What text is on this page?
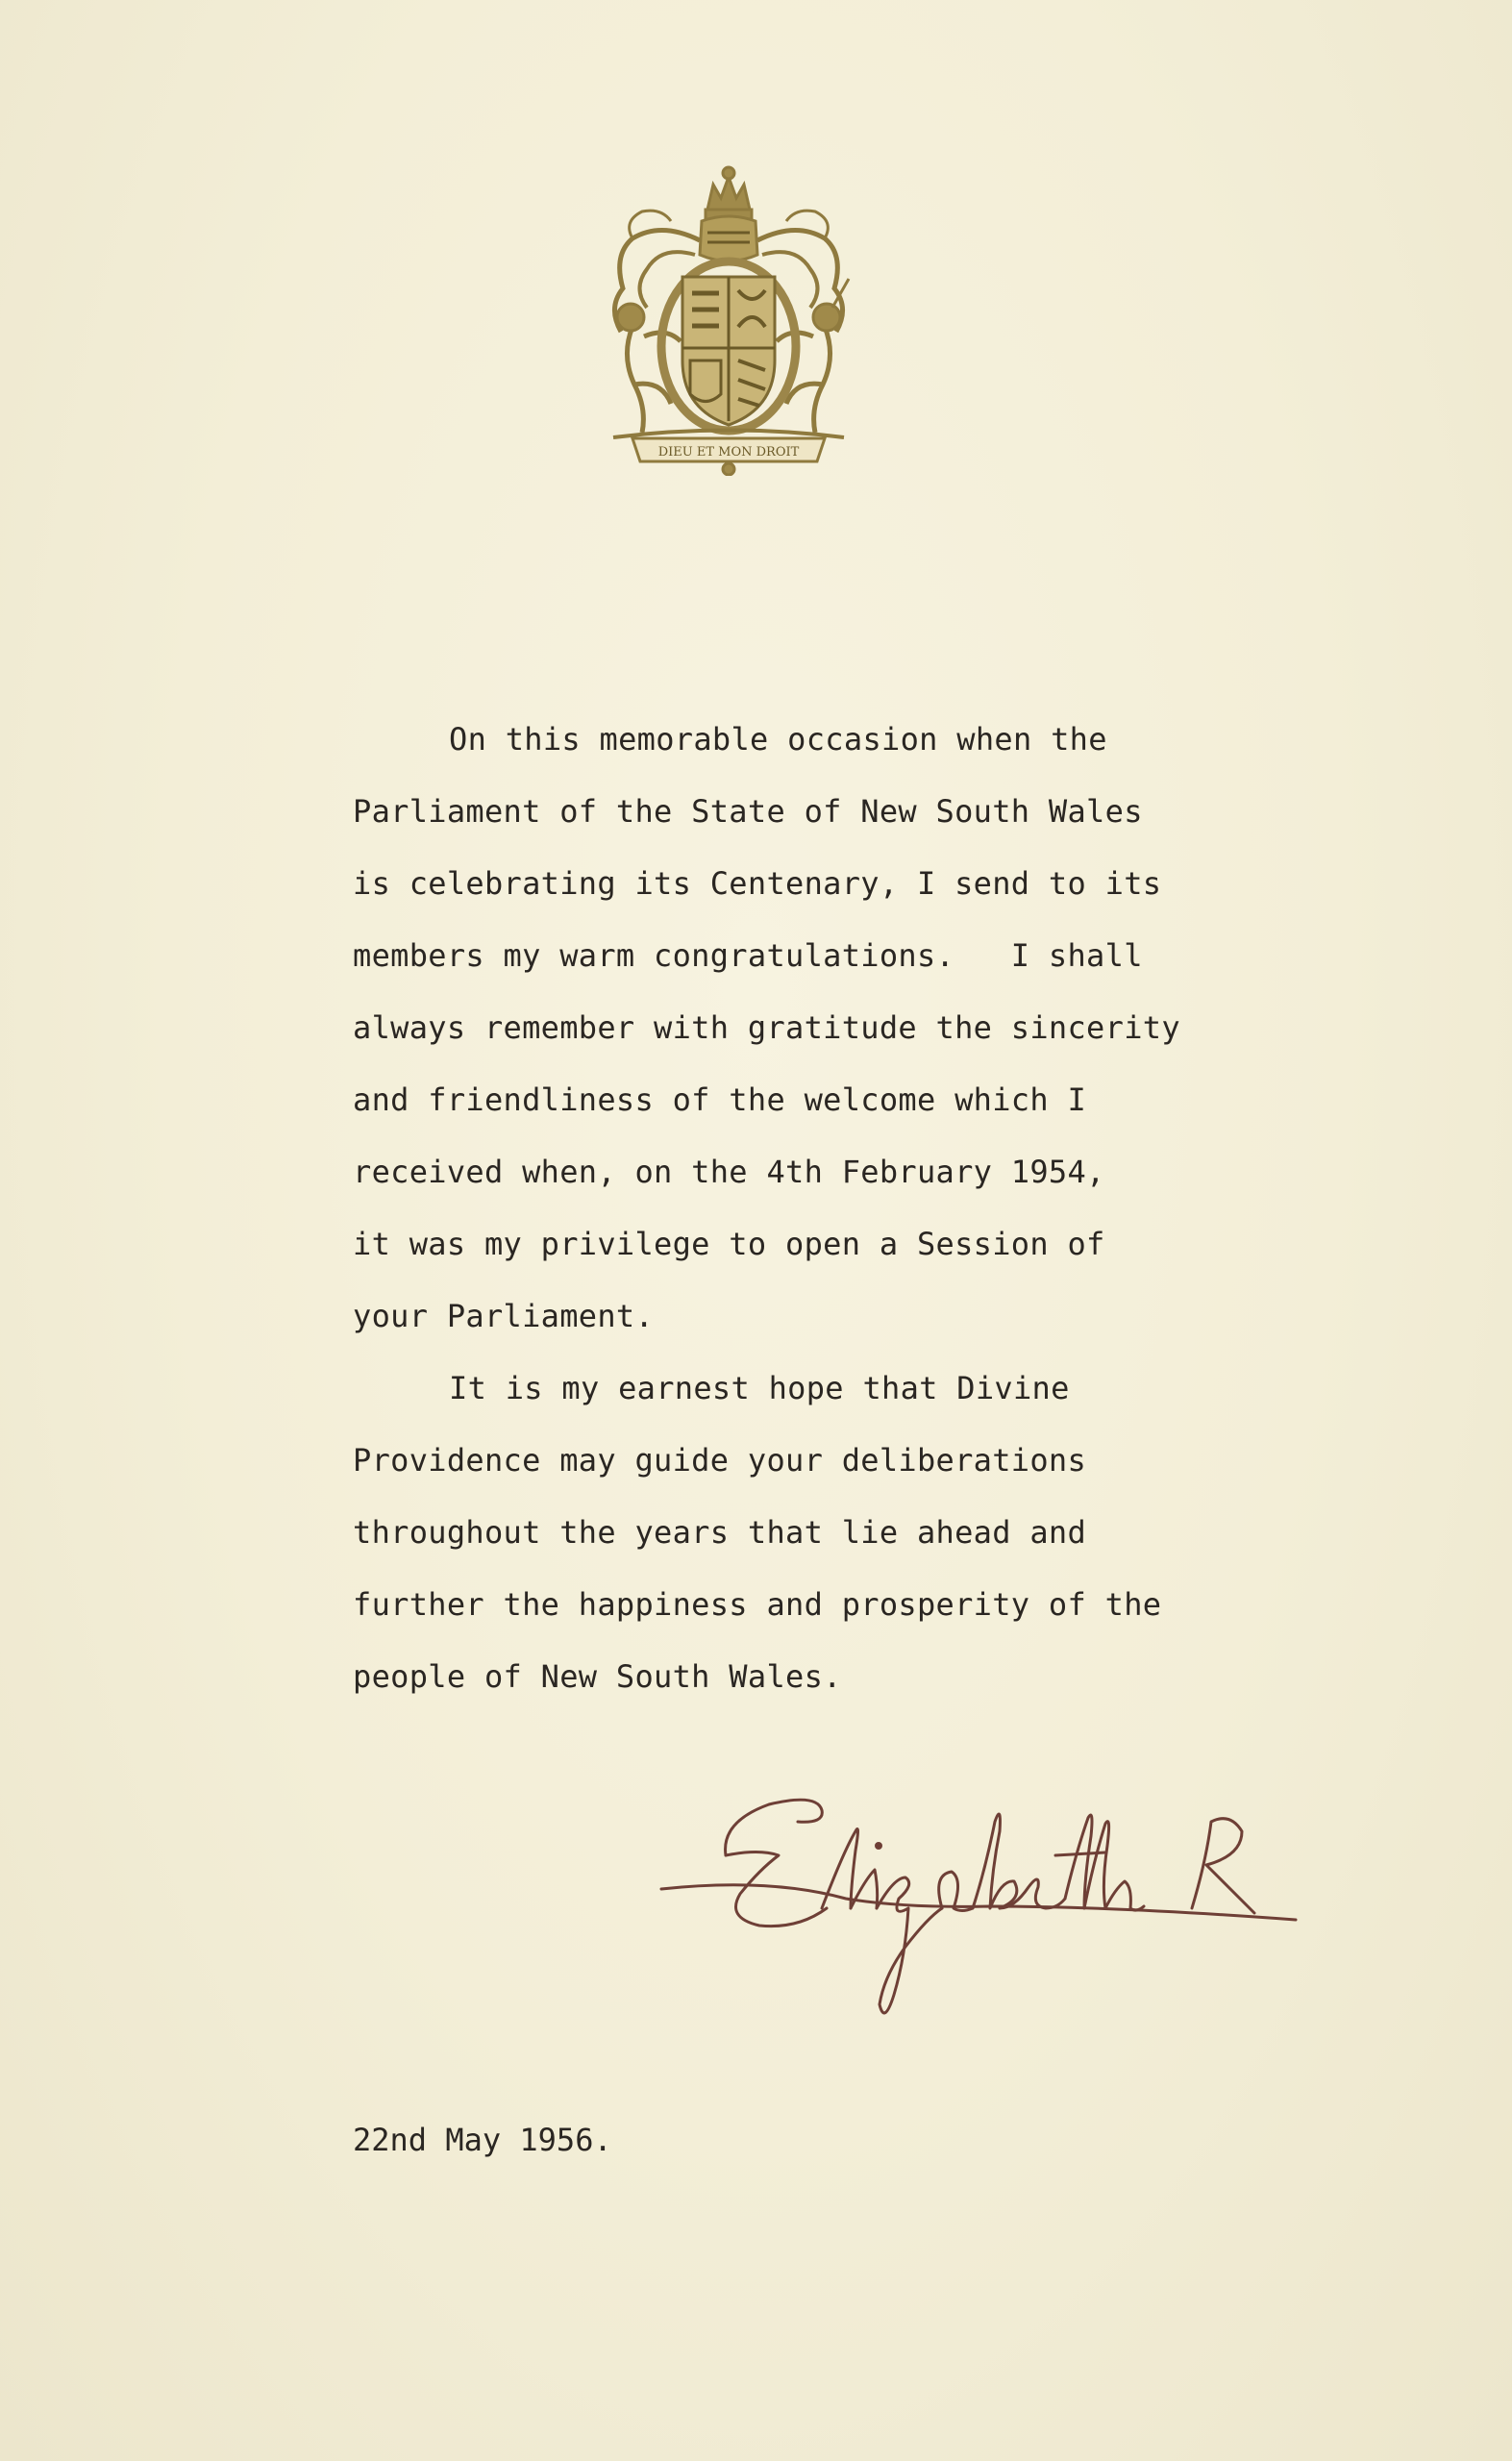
DIEU ET MON DROIT
On this memorable occasion when the
Parliament of the State of New South Wales
is celebrating its Centenary, I send to its
members my warm congratulations.   I shall
always remember with gratitude the sincerity
and friendliness of the welcome which I
received when, on the 4th February 1954,
it was my privilege to open a Session of
your Parliament.
It is my earnest hope that Divine
Providence may guide your deliberations
throughout the years that lie ahead and
further the happiness and prosperity of the
people of New South Wales.
Elizabeth R
22nd May 1956.
